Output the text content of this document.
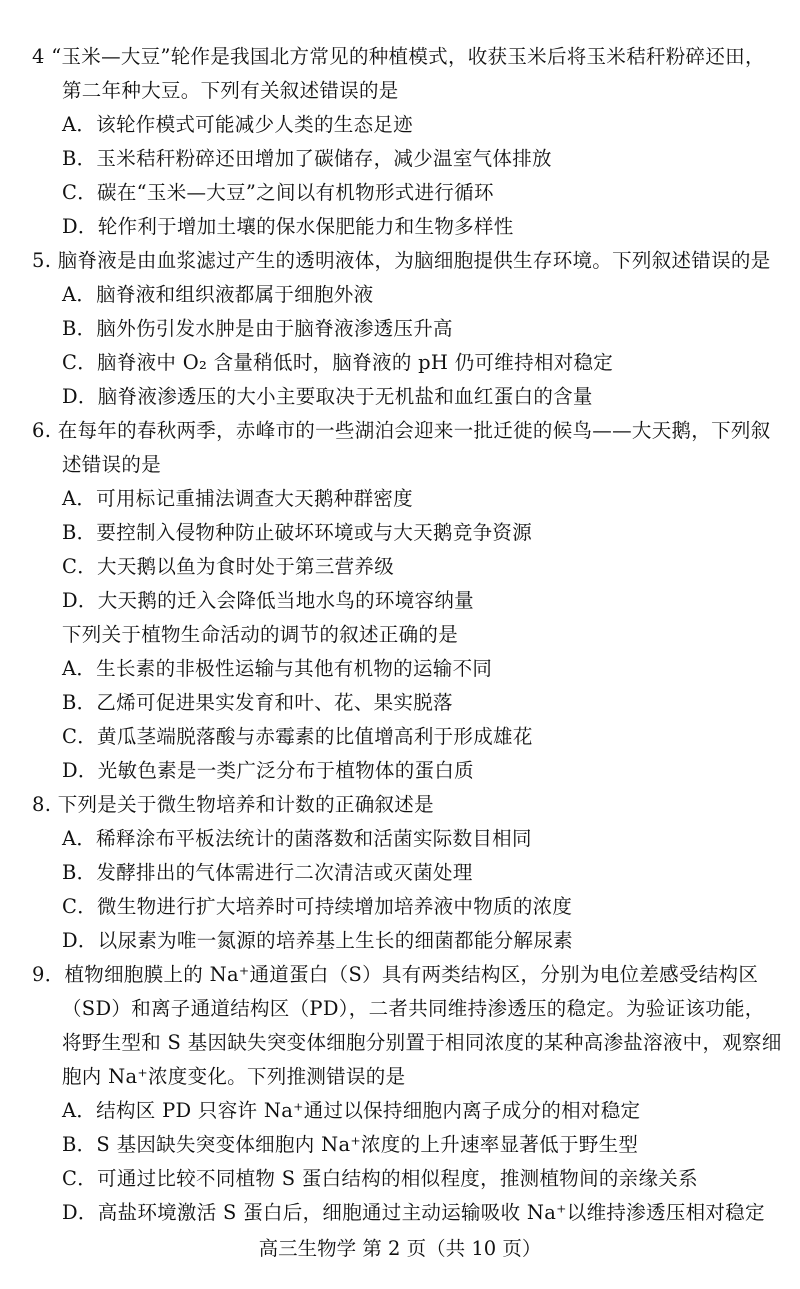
4 “玉米—大豆”轮作是我国北方常见的种植模式，收获玉米后将玉米秸秆粉碎还田，
第二年种大豆。下列有关叙述错误的是
A．该轮作模式可能减少人类的生态足迹
B．玉米秸秆粉碎还田增加了碳储存，减少温室气体排放
C．碳在“玉米—大豆”之间以有机物形式进行循环
D．轮作利于增加土壤的保水保肥能力和生物多样性
5. 脑脊液是由血浆滤过产生的透明液体，为脑细胞提供生存环境。下列叙述错误的是
A．脑脊液和组织液都属于细胞外液
B．脑外伤引发水肿是由于脑脊液渗透压升高
C．脑脊液中 O₂ 含量稍低时，脑脊液的 pH 仍可维持相对稳定
D．脑脊液渗透压的大小主要取决于无机盐和血红蛋白的含量
6. 在每年的春秋两季，赤峰市的一些湖泊会迎来一批迁徙的候鸟——大天鹅，下列叙
述错误的是
A．可用标记重捕法调查大天鹅种群密度
B．要控制入侵物种防止破坏环境或与大天鹅竞争资源
C．大天鹅以鱼为食时处于第三营养级
D．大天鹅的迁入会降低当地水鸟的环境容纳量
下列关于植物生命活动的调节的叙述正确的是
A．生长素的非极性运输与其他有机物的运输不同
B．乙烯可促进果实发育和叶、花、果实脱落
C．黄瓜茎端脱落酸与赤霉素的比值增高利于形成雄花
D．光敏色素是一类广泛分布于植物体的蛋白质
8. 下列是关于微生物培养和计数的正确叙述是
A．稀释涂布平板法统计的菌落数和活菌实际数目相同
B．发酵排出的气体需进行二次清洁或灭菌处理
C．微生物进行扩大培养时可持续增加培养液中物质的浓度
D．以尿素为唯一氮源的培养基上生长的细菌都能分解尿素
9．植物细胞膜上的 Na⁺通道蛋白（S）具有两类结构区，分别为电位差感受结构区
（SD）和离子通道结构区（PD），二者共同维持渗透压的稳定。为验证该功能，
将野生型和 S 基因缺失突变体细胞分别置于相同浓度的某种高渗盐溶液中，观察细
胞内 Na⁺浓度变化。下列推测错误的是
A．结构区 PD 只容许 Na⁺通过以保持细胞内离子成分的相对稳定
B．S 基因缺失突变体细胞内 Na⁺浓度的上升速率显著低于野生型
C．可通过比较不同植物 S 蛋白结构的相似程度，推测植物间的亲缘关系
D．高盐环境激活 S 蛋白后，细胞通过主动运输吸收 Na⁺以维持渗透压相对稳定
高三生物学 第 2 页（共 10 页）
